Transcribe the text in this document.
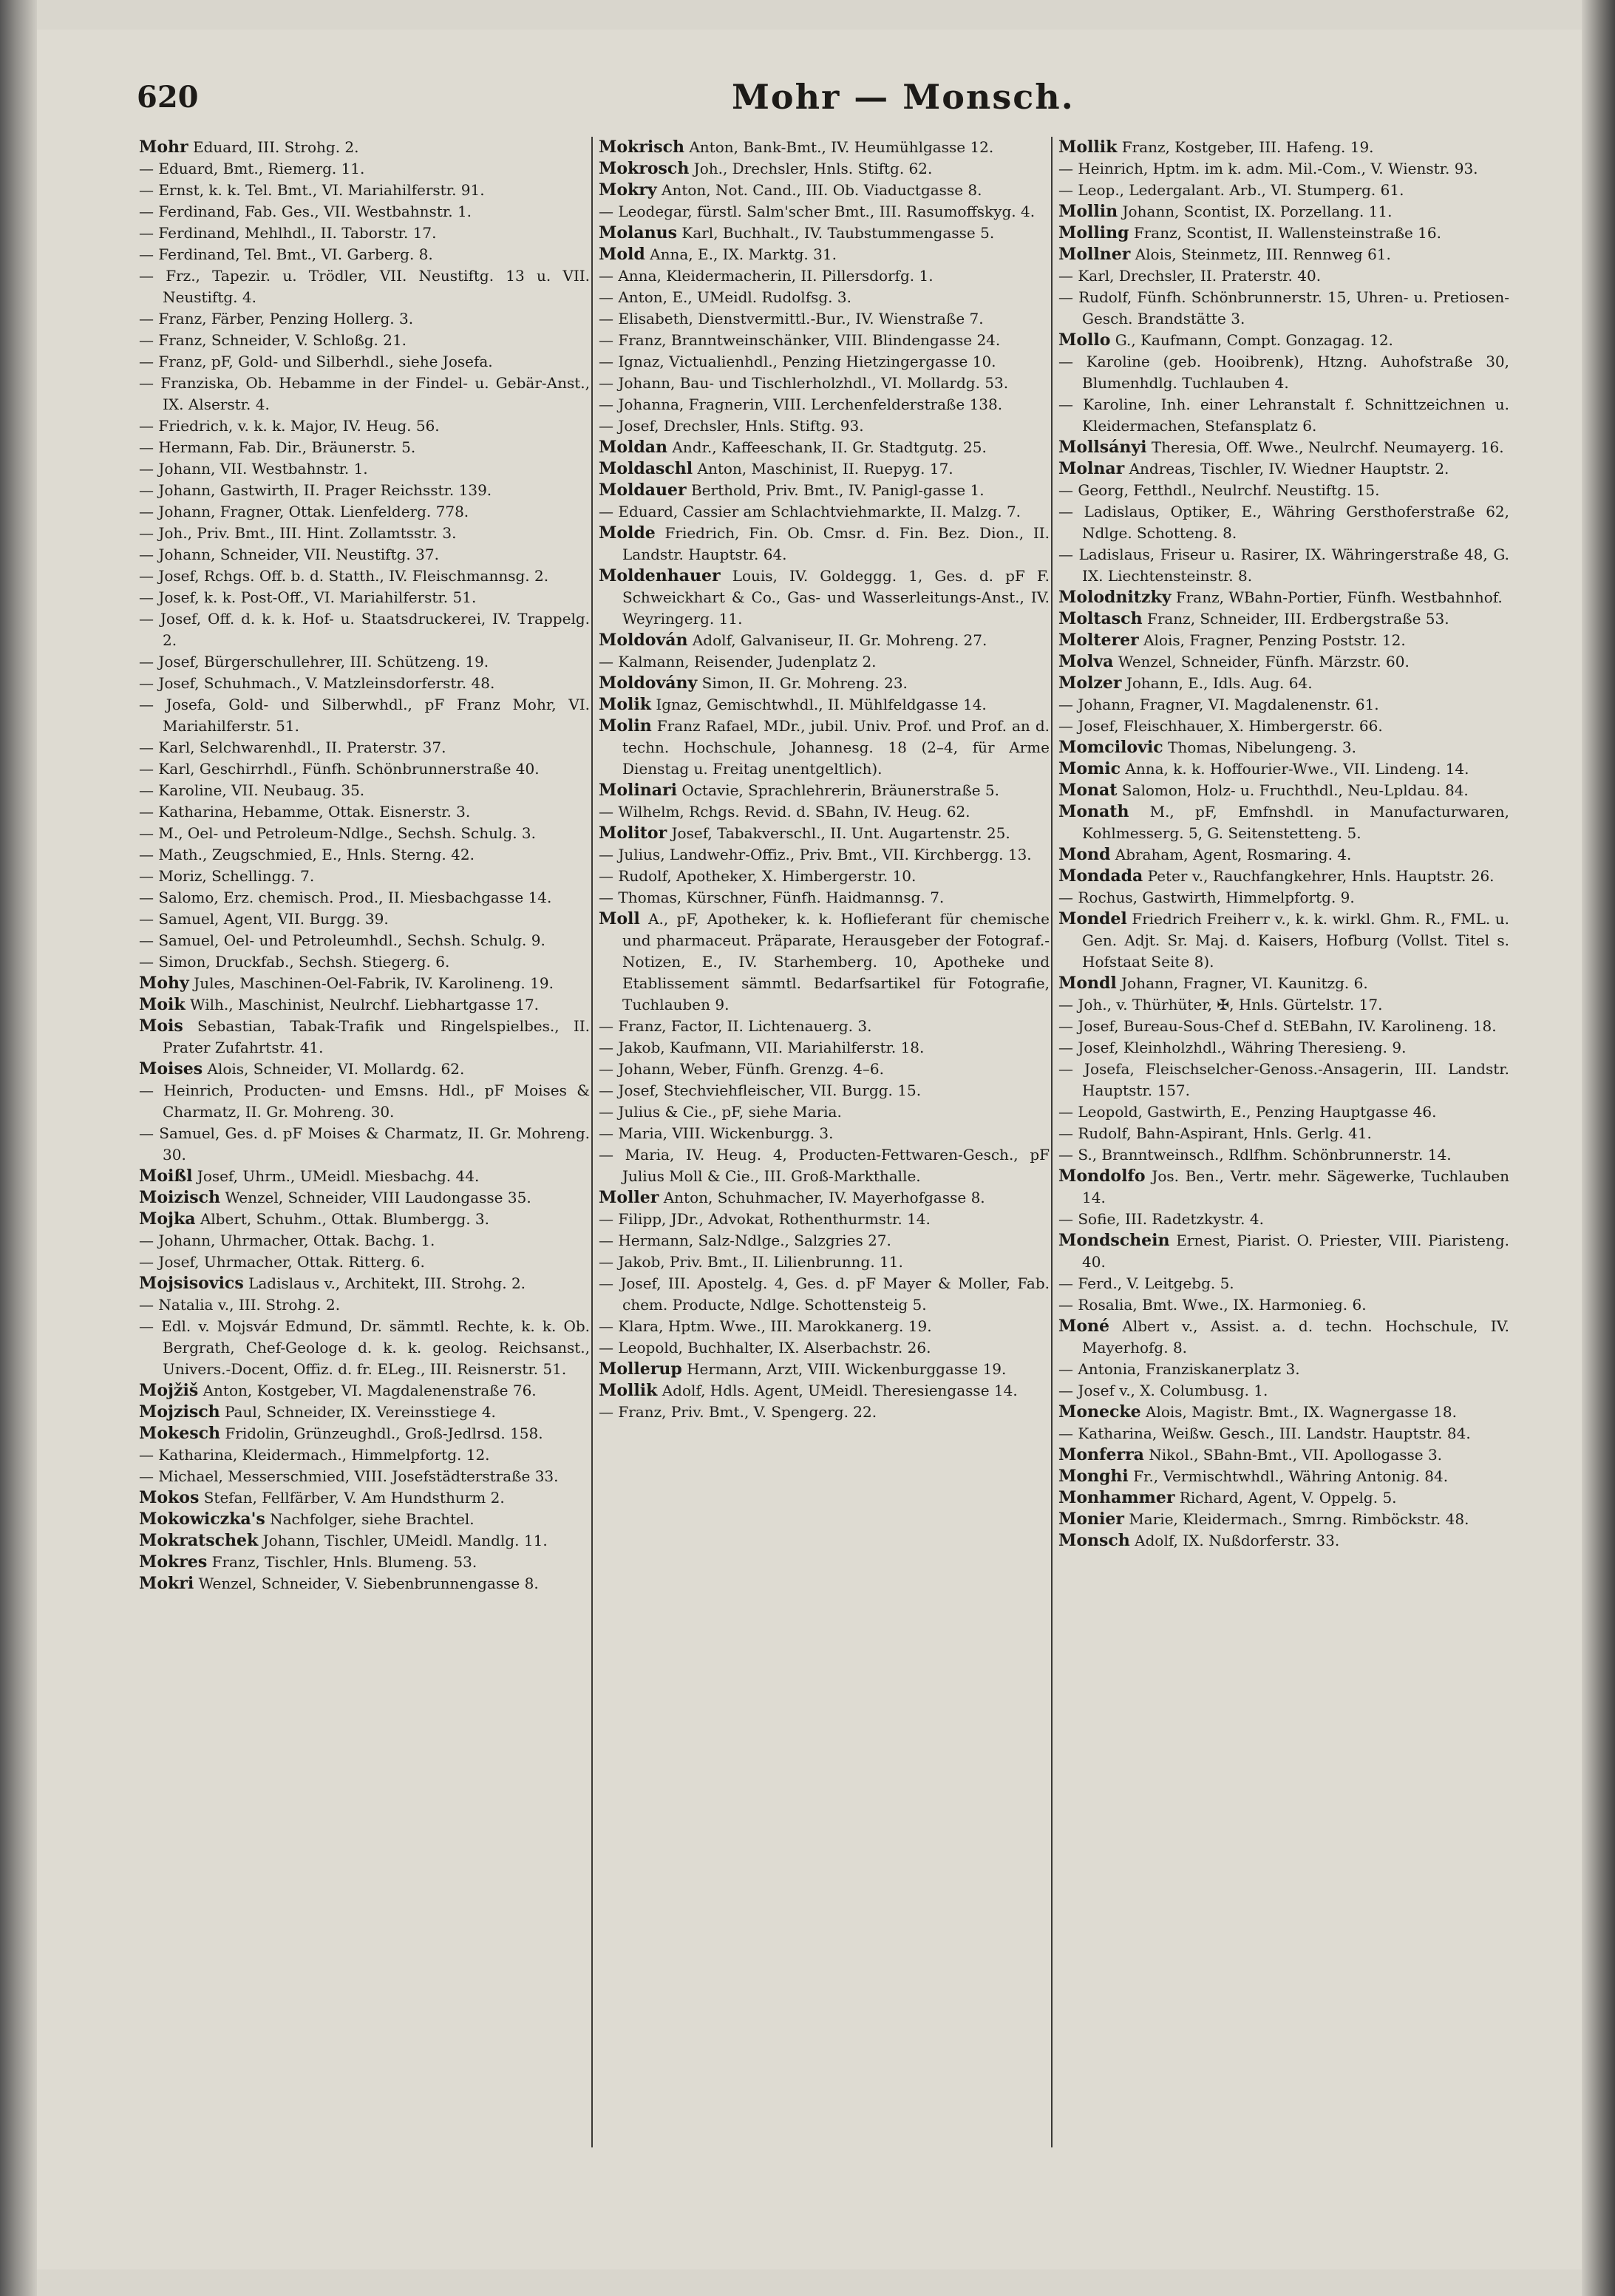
620	Mohr — Monsch.
Mohr Eduard, III. Strohg. 2.
— Eduard, Bmt., Riemerg. 11.
— Ernst, k. k. Tel. Bmt., VI. Mariahilferstr. 91.
— Ferdinand, Fab. Ges., VII. Westbahnstr. 1.
— Ferdinand, Mehlhdl., II. Taborstr. 17.
— Ferdinand, Tel. Bmt., VI. Garberg. 8.
— Frz., Tapezir. u. Trödler, VII. Neustiftg. 13 u. VII. Neustiftg. 4.
— Franz, Färber, Penzing Hollerg. 3.
— Franz, Schneider, V. Schloßg. 21.
— Franz, pF, Gold- und Silberhdl., siehe Josefa.
— Franziska, Ob. Hebamme in der Findel- u. Gebär-Anst., IX. Alserstr. 4.
— Friedrich, v. k. k. Major, IV. Heug. 56.
— Hermann, Fab. Dir., Bräunerstr. 5.
— Johann, VII. Westbahnstr. 1.
— Johann, Gastwirth, II. Prager Reichsstr. 139.
— Johann, Fragner, Ottak. Lienfelderg. 778.
— Joh., Priv. Bmt., III. Hint. Zollamtsstr. 3.
— Johann, Schneider, VII. Neustiftg. 37.
— Josef, Rchgs. Off. b. d. Statth., IV. Fleischmannsg. 2.
— Josef, k. k. Post-Off., VI. Mariahilferstr. 51.
— Josef, Off. d. k. k. Hof- u. Staatsdruckerei, IV. Trappelg. 2.
— Josef, Bürgerschullehrer, III. Schützeng. 19.
— Josef, Schuhmach., V. Matzleinsdorferstr. 48.
— Josefa, Gold- und Silberwhdl., pF Franz Mohr, VI. Mariahilferstr. 51.
— Karl, Selchwarenhdl., II. Praterstr. 37.
— Karl, Geschirrhdl., Fünfh. Schönbrunnerstraße 40.
— Karoline, VII. Neubaug. 35.
— Katharina, Hebamme, Ottak. Eisnerstr. 3.
— M., Oel- und Petroleum-Ndlge., Sechsh. Schulg. 3.
— Math., Zeugschmied, E., Hnls. Sterng. 42.
— Moriz, Schellingg. 7.
— Salomo, Erz. chemisch. Prod., II. Miesbachgasse 14.
— Samuel, Agent, VII. Burgg. 39.
— Samuel, Oel- und Petroleumhdl., Sechsh. Schulg. 9.
— Simon, Druckfab., Sechsh. Stiegerg. 6.
Mohy Jules, Maschinen-Oel-Fabrik, IV. Karolineng. 19.
Moik Wilh., Maschinist, Neulrchf. Liebhartgasse 17.
Mois Sebastian, Tabak-Trafik und Ringelspielbes., II. Prater Zufahrtstr. 41.
Moises Alois, Schneider, VI. Mollardg. 62.
— Heinrich, Producten- und Emsns. Hdl., pF Moises & Charmatz, II. Gr. Mohreng. 30.
— Samuel, Ges. d. pF Moises & Charmatz, II. Gr. Mohreng. 30.
Moißl Josef, Uhrm., UMeidl. Miesbachg. 44.
Moizisch Wenzel, Schneider, VIII Laudongasse 35.
Mojka Albert, Schuhm., Ottak. Blumbergg. 3.
— Johann, Uhrmacher, Ottak. Bachg. 1.
— Josef, Uhrmacher, Ottak. Ritterg. 6.
Mojsisovics Ladislaus v., Architekt, III. Strohg. 2.
— Natalia v., III. Strohg. 2.
— Edl. v. Mojsvár Edmund, Dr. sämmtl. Rechte, k. k. Ob. Bergrath, Chef-Geologe d. k. k. geolog. Reichsanst., Univers.-Docent, Offiz. d. fr. ELeg., III. Reisnerstr. 51.
Mojžiš Anton, Kostgeber, VI. Magdalenenstraße 76.
Mojzisch Paul, Schneider, IX. Vereinsstiege 4.
Mokesch Fridolin, Grünzeughdl., Groß-Jedlrsd. 158.
— Katharina, Kleidermach., Himmelpfortg. 12.
— Michael, Messerschmied, VIII. Josefstädterstraße 33.
Mokos Stefan, Fellfärber, V. Am Hundsthurm 2.
Mokowiczka's Nachfolger, siehe Brachtel.
Mokratschek Johann, Tischler, UMeidl. Mandlg. 11.
Mokres Franz, Tischler, Hnls. Blumeng. 53.
Mokri Wenzel, Schneider, V. Siebenbrunnengasse 8.
Mokrisch Anton, Bank-Bmt., IV. Heumühlgasse 12.
Mokrosch Joh., Drechsler, Hnls. Stiftg. 62.
Mokry Anton, Not. Cand., III. Ob. Viaductgasse 8.
— Leodegar, fürstl. Salm'scher Bmt., III. Rasumoffskyg. 4.
Molanus Karl, Buchhalt., IV. Taubstummengasse 5.
Mold Anna, E., IX. Marktg. 31.
— Anna, Kleidermacherin, II. Pillersdorfg. 1.
— Anton, E., UMeidl. Rudolfsg. 3.
— Elisabeth, Dienstvermittl.-Bur., IV. Wienstraße 7.
— Franz, Branntweinschänker, VIII. Blindengasse 24.
— Ignaz, Victualienhdl., Penzing Hietzingergasse 10.
— Johann, Bau- und Tischlerholzhdl., VI. Mollardg. 53.
— Johanna, Fragnerin, VIII. Lerchenfelderstraße 138.
— Josef, Drechsler, Hnls. Stiftg. 93.
Moldan Andr., Kaffeeschank, II. Gr. Stadtgutg. 25.
Moldaschl Anton, Maschinist, II. Ruepyg. 17.
Moldauer Berthold, Priv. Bmt., IV. Panigl-gasse 1.
— Eduard, Cassier am Schlachtviehmarkte, II. Malzg. 7.
Molde Friedrich, Fin. Ob. Cmsr. d. Fin. Bez. Dion., II. Landstr. Hauptstr. 64.
Moldenhauer Louis, IV. Goldeggg. 1, Ges. d. pF F. Schweickhart & Co., Gas- und Wasserleitungs-Anst., IV. Weyringerg. 11.
Moldován Adolf, Galvaniseur, II. Gr. Mohreng. 27.
— Kalmann, Reisender, Judenplatz 2.
Moldovány Simon, II. Gr. Mohreng. 23.
Molik Ignaz, Gemischtwhdl., II. Mühlfeldgasse 14.
Molin Franz Rafael, MDr., jubil. Univ. Prof. und Prof. an d. techn. Hochschule, Johannesg. 18 (2–4, für Arme Dienstag u. Freitag unentgeltlich).
Molinari Octavie, Sprachlehrerin, Bräunerstraße 5.
— Wilhelm, Rchgs. Revid. d. SBahn, IV. Heug. 62.
Molitor Josef, Tabakverschl., II. Unt. Augartenstr. 25.
— Julius, Landwehr-Offiz., Priv. Bmt., VII. Kirchbergg. 13.
— Rudolf, Apotheker, X. Himbergerstr. 10.
— Thomas, Kürschner, Fünfh. Haidmannsg. 7.
Moll A., pF, Apotheker, k. k. Hoflieferant für chemische und pharmaceut. Präparate, Herausgeber der Fotograf.-Notizen, E., IV. Starhemberg. 10, Apotheke und Etablissement sämmtl. Bedarfsartikel für Fotografie, Tuchlauben 9.
— Franz, Factor, II. Lichtenauerg. 3.
— Jakob, Kaufmann, VII. Mariahilferstr. 18.
— Johann, Weber, Fünfh. Grenzg. 4–6.
— Josef, Stechviehfleischer, VII. Burgg. 15.
— Julius & Cie., pF, siehe Maria.
— Maria, VIII. Wickenburgg. 3.
— Maria, IV. Heug. 4, Producten-Fettwaren-Gesch., pF Julius Moll & Cie., III. Groß-Markthalle.
Moller Anton, Schuhmacher, IV. Mayerhofgasse 8.
— Filipp, JDr., Advokat, Rothenthurmstr. 14.
— Hermann, Salz-Ndlge., Salzgries 27.
— Jakob, Priv. Bmt., II. Lilienbrunng. 11.
— Josef, III. Apostelg. 4, Ges. d. pF Mayer & Moller, Fab. chem. Producte, Ndlge. Schottensteig 5.
— Klara, Hptm. Wwe., III. Marokkanerg. 19.
— Leopold, Buchhalter, IX. Alserbachstr. 26.
Mollerup Hermann, Arzt, VIII. Wickenburggasse 19.
Mollik Adolf, Hdls. Agent, UMeidl. Theresiengasse 14.
— Franz, Priv. Bmt., V. Spengerg. 22.
Mollik Franz, Kostgeber, III. Hafeng. 19.
— Heinrich, Hptm. im k. adm. Mil.-Com., V. Wienstr. 93.
— Leop., Ledergalant. Arb., VI. Stumperg. 61.
Mollin Johann, Scontist, IX. Porzellang. 11.
Molling Franz, Scontist, II. Wallensteinstraße 16.
Mollner Alois, Steinmetz, III. Rennweg 61.
— Karl, Drechsler, II. Praterstr. 40.
— Rudolf, Fünfh. Schönbrunnerstr. 15, Uhren- u. Pretiosen-Gesch. Brandstätte 3.
Mollo G., Kaufmann, Compt. Gonzagag. 12.
— Karoline (geb. Hooibrenk), Htzng. Auhofstraße 30, Blumenhdlg. Tuchlauben 4.
— Karoline, Inh. einer Lehranstalt f. Schnittzeichnen u. Kleidermachen, Stefansplatz 6.
Mollsányi Theresia, Off. Wwe., Neulrchf. Neumayerg. 16.
Molnar Andreas, Tischler, IV. Wiedner Hauptstr. 2.
— Georg, Fetthdl., Neulrchf. Neustiftg. 15.
— Ladislaus, Optiker, E., Währing Gersthoferstraße 62, Ndlge. Schotteng. 8.
— Ladislaus, Friseur u. Rasirer, IX. Währingerstraße 48, G. IX. Liechtensteinstr. 8.
Molodnitzky Franz, WBahn-Portier, Fünfh. Westbahnhof.
Moltasch Franz, Schneider, III. Erdbergstraße 53.
Molterer Alois, Fragner, Penzing Poststr. 12.
Molva Wenzel, Schneider, Fünfh. Märzstr. 60.
Molzer Johann, E., Idls. Aug. 64.
— Johann, Fragner, VI. Magdalenenstr. 61.
— Josef, Fleischhauer, X. Himbergerstr. 66.
Momcilovic Thomas, Nibelungeng. 3.
Momic Anna, k. k. Hoffourier-Wwe., VII. Lindeng. 14.
Monat Salomon, Holz- u. Fruchthdl., Neu-Lpldau. 84.
Monath M., pF, Emfnshdl. in Manufacturwaren, Kohlmesserg. 5, G. Seitenstetteng. 5.
Mond Abraham, Agent, Rosmaring. 4.
Mondada Peter v., Rauchfangkehrer, Hnls. Hauptstr. 26.
— Rochus, Gastwirth, Himmelpfortg. 9.
Mondel Friedrich Freiherr v., k. k. wirkl. Ghm. R., FML. u. Gen. Adjt. Sr. Maj. d. Kaisers, Hofburg (Vollst. Titel s. Hofstaat Seite 8).
Mondl Johann, Fragner, VI. Kaunitzg. 6.
— Joh., v. Thürhüter, ✠, Hnls. Gürtelstr. 17.
— Josef, Bureau-Sous-Chef d. StEBahn, IV. Karolineng. 18.
— Josef, Kleinholzhdl., Währing Theresieng. 9.
— Josefa, Fleischselcher-Genoss.-Ansagerin, III. Landstr. Hauptstr. 157.
— Leopold, Gastwirth, E., Penzing Hauptgasse 46.
— Rudolf, Bahn-Aspirant, Hnls. Gerlg. 41.
— S., Branntweinsch., Rdlfhm. Schönbrunnerstr. 14.
Mondolfo Jos. Ben., Vertr. mehr. Sägewerke, Tuchlauben 14.
— Sofie, III. Radetzkystr. 4.
Mondschein Ernest, Piarist. O. Priester, VIII. Piaristeng. 40.
— Ferd., V. Leitgebg. 5.
— Rosalia, Bmt. Wwe., IX. Harmonieg. 6.
Moné Albert v., Assist. a. d. techn. Hochschule, IV. Mayerhofg. 8.
— Antonia, Franziskanerplatz 3.
— Josef v., X. Columbusg. 1.
Monecke Alois, Magistr. Bmt., IX. Wagnergasse 18.
— Katharina, Weißw. Gesch., III. Landstr. Hauptstr. 84.
Monferra Nikol., SBahn-Bmt., VII. Apollogasse 3.
Monghi Fr., Vermischtwhdl., Währing Antonig. 84.
Monhammer Richard, Agent, V. Oppelg. 5.
Monier Marie, Kleidermach., Smrng. Rimböckstr. 48.
Monsch Adolf, IX. Nußdorferstr. 33.
